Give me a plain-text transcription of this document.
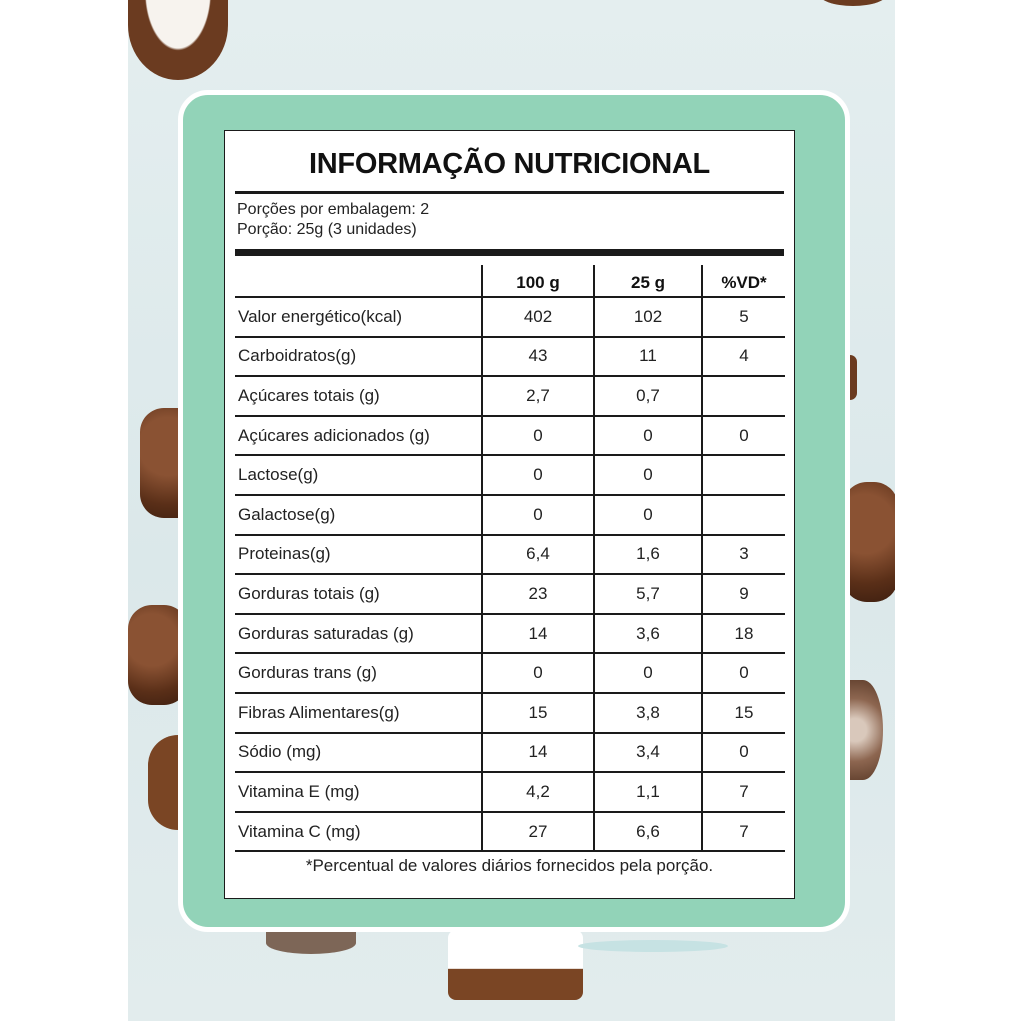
INFORMAÇÃO NUTRICIONAL
Porções por embalagem: 2
Porção: 25g (3 unidades)
	100 g	25 g	%VD*
Valor energético(kcal)	402	102	5
Carboidratos(g)	43	11	4
Açúcares totais (g)	2,7	0,7	
Açúcares adicionados (g)	0	0	0
Lactose(g)	0	0	
Galactose(g)	0	0	
Proteinas(g)	6,4	1,6	3
Gorduras totais (g)	23	5,7	9
Gorduras saturadas (g)	14	3,6	18
Gorduras trans (g)	0	0	0
Fibras Alimentares(g)	15	3,8	15
Sódio (mg)	14	3,4	0
Vitamina E (mg)	4,2	1,1	7
Vitamina C (mg)	27	6,6	7
*Percentual de valores diários fornecidos pela porção.
